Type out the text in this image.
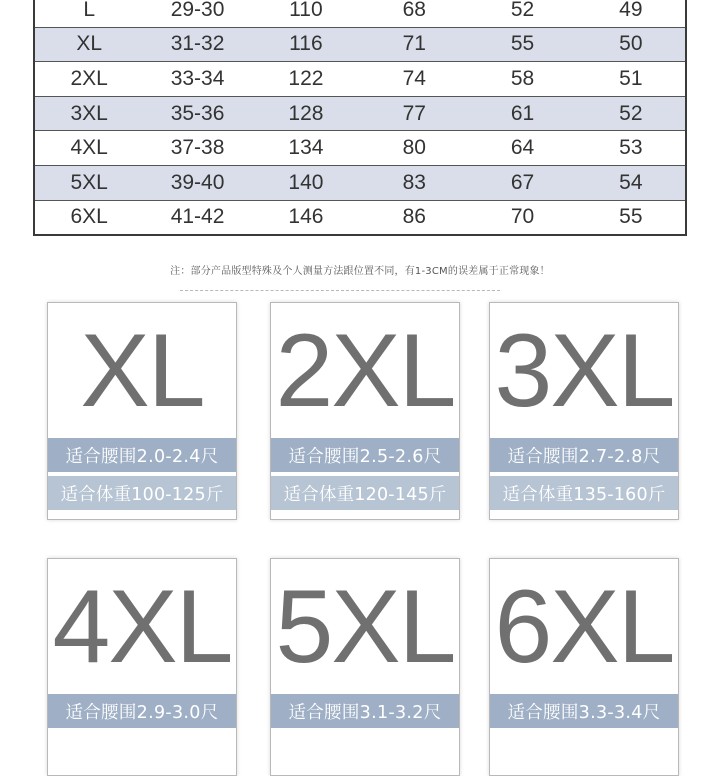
L	29-30	110	68	52	49
XL	31-32	116	71	55	50
2XL	33-34	122	74	58	51
3XL	35-36	128	77	61	52
4XL	37-38	134	80	64	53
5XL	39-40	140	83	67	54
6XL	41-42	146	86	70	55
注：部分产品版型特殊及个人测量方法跟位置不同，有1-3CM的误差属于正常现象！
XL
适合腰围2.0-2.4尺
适合体重100-125斤
2XL
适合腰围2.5-2.6尺
适合体重120-145斤
3XL
适合腰围2.7-2.8尺
适合体重135-160斤
4XL
适合腰围2.9-3.0尺
5XL
适合腰围3.1-3.2尺
6XL
适合腰围3.3-3.4尺
